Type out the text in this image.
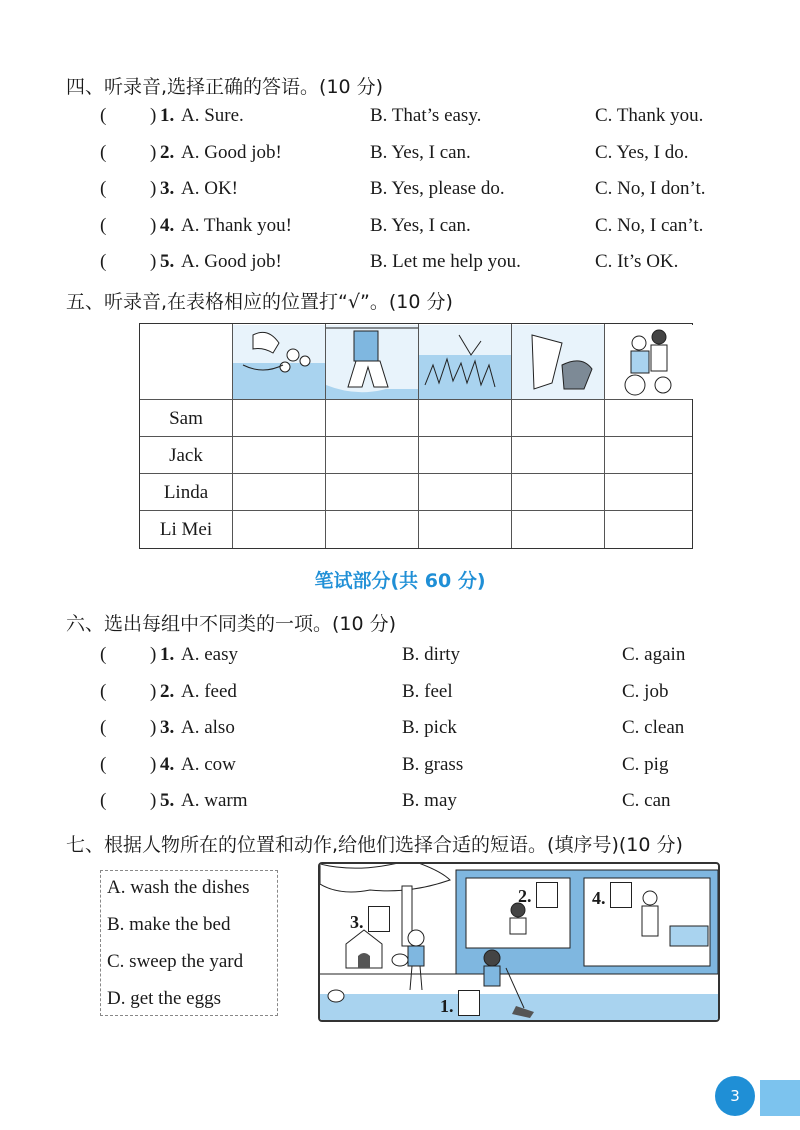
四、听录音,选择正确的答语。(10 分)
( ) 1. A. Sure.	B. That’s easy.	C. Thank you.
( ) 2. A. Good job!	B. Yes, I can.	C. Yes, I do.
( ) 3. A. OK!	B. Yes, please do.	C. No, I don’t.
( ) 4. A. Thank you!	B. Yes, I can.	C. No, I can’t.
( ) 5. A. Good job!	B. Let me help you.	C. It’s OK.
五、听录音,在表格相应的位置打“√”。(10 分)
Sam
Jack
Linda
Li Mei
笔试部分(共 60 分)
六、选出每组中不同类的一项。(10 分)
( ) 1. A. easy	B. dirty	C. again
( ) 2. A. feed	B. feel	C. job
( ) 3. A. also	B. pick	C. clean
( ) 4. A. cow	B. grass	C. pig
( ) 5. A. warm	B. may	C. can
七、根据人物所在的位置和动作,给他们选择合适的短语。(填序号)(10 分)
A. wash the dishes
B. make the bed
C. sweep the yard
D. get the eggs	1.
2.
3.
4.
3
